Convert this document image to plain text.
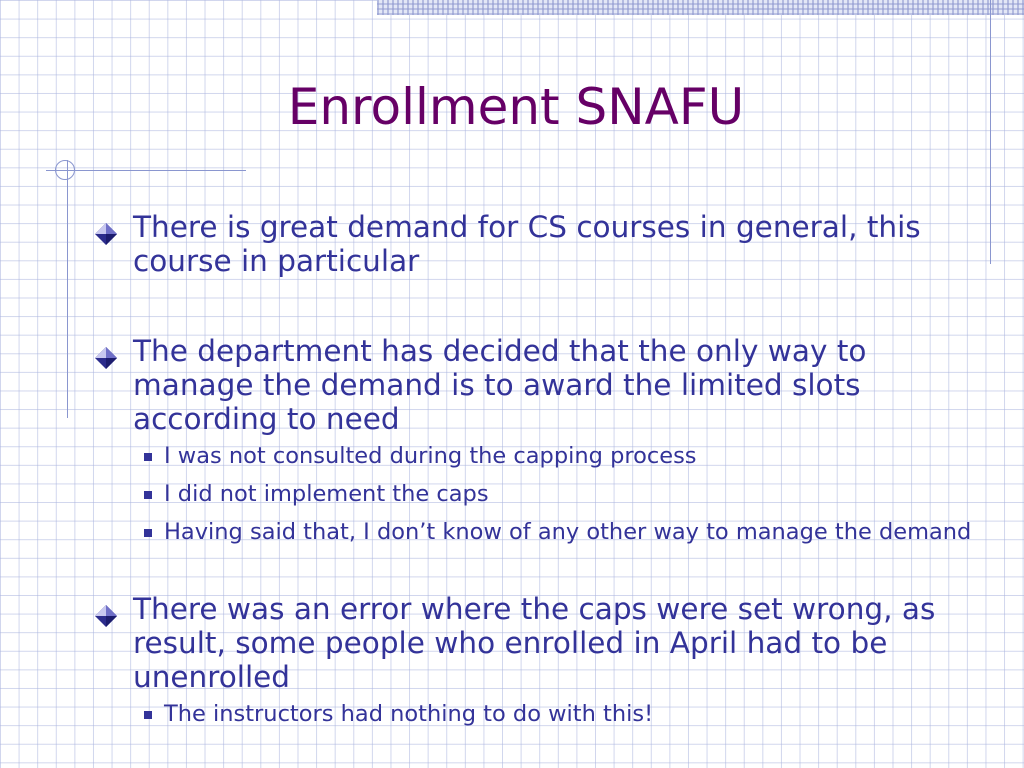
Enrollment SNAFU
There is great demand for CS courses in general, this course in particular
The department has decided that the only way to manage the demand is to award the limited slots according to need
I was not consulted during the capping process
I did not implement the caps
Having said that, I don’t know of any other way to manage the demand
There was an error where the caps were set wrong, as result, some people who enrolled in April had to be unenrolled
The instructors had nothing to do with this!
